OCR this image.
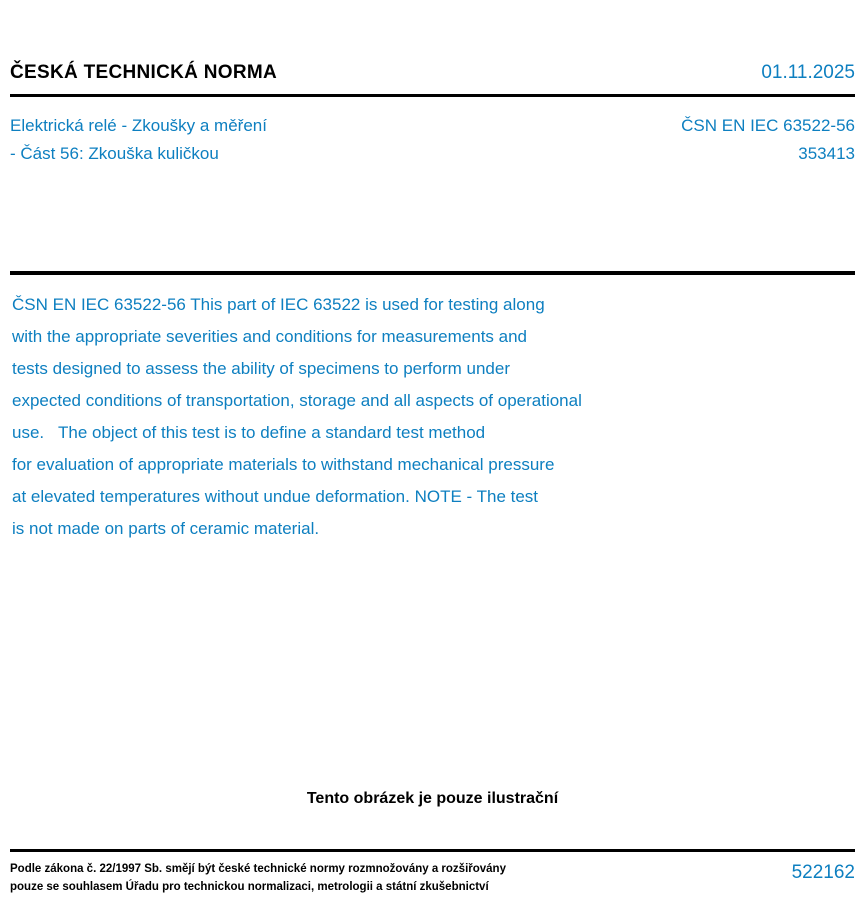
ČESKÁ TECHNICKÁ NORMA	01.11.2025
Elektrická relé - Zkoušky a měření
- Část 56: Zkouška kuličkou
ČSN EN IEC 63522-56
353413
ČSN EN IEC 63522-56 This part of IEC 63522 is used for testing along
with the appropriate severities and conditions for measurements and
tests designed to assess the ability of specimens to perform under
expected conditions of transportation, storage and all aspects of operational
use.   The object of this test is to define a standard test method
for evaluation of appropriate materials to withstand mechanical pressure
at elevated temperatures without undue deformation. NOTE - The test
is not made on parts of ceramic material.
Tento obrázek je pouze ilustrační
Podle zákona č. 22/1997 Sb. smějí být české technické normy rozmnožovány a rozšiřovány
pouze se souhlasem Úřadu pro technickou normalizaci, metrologii a státní zkušebnictví
522162
